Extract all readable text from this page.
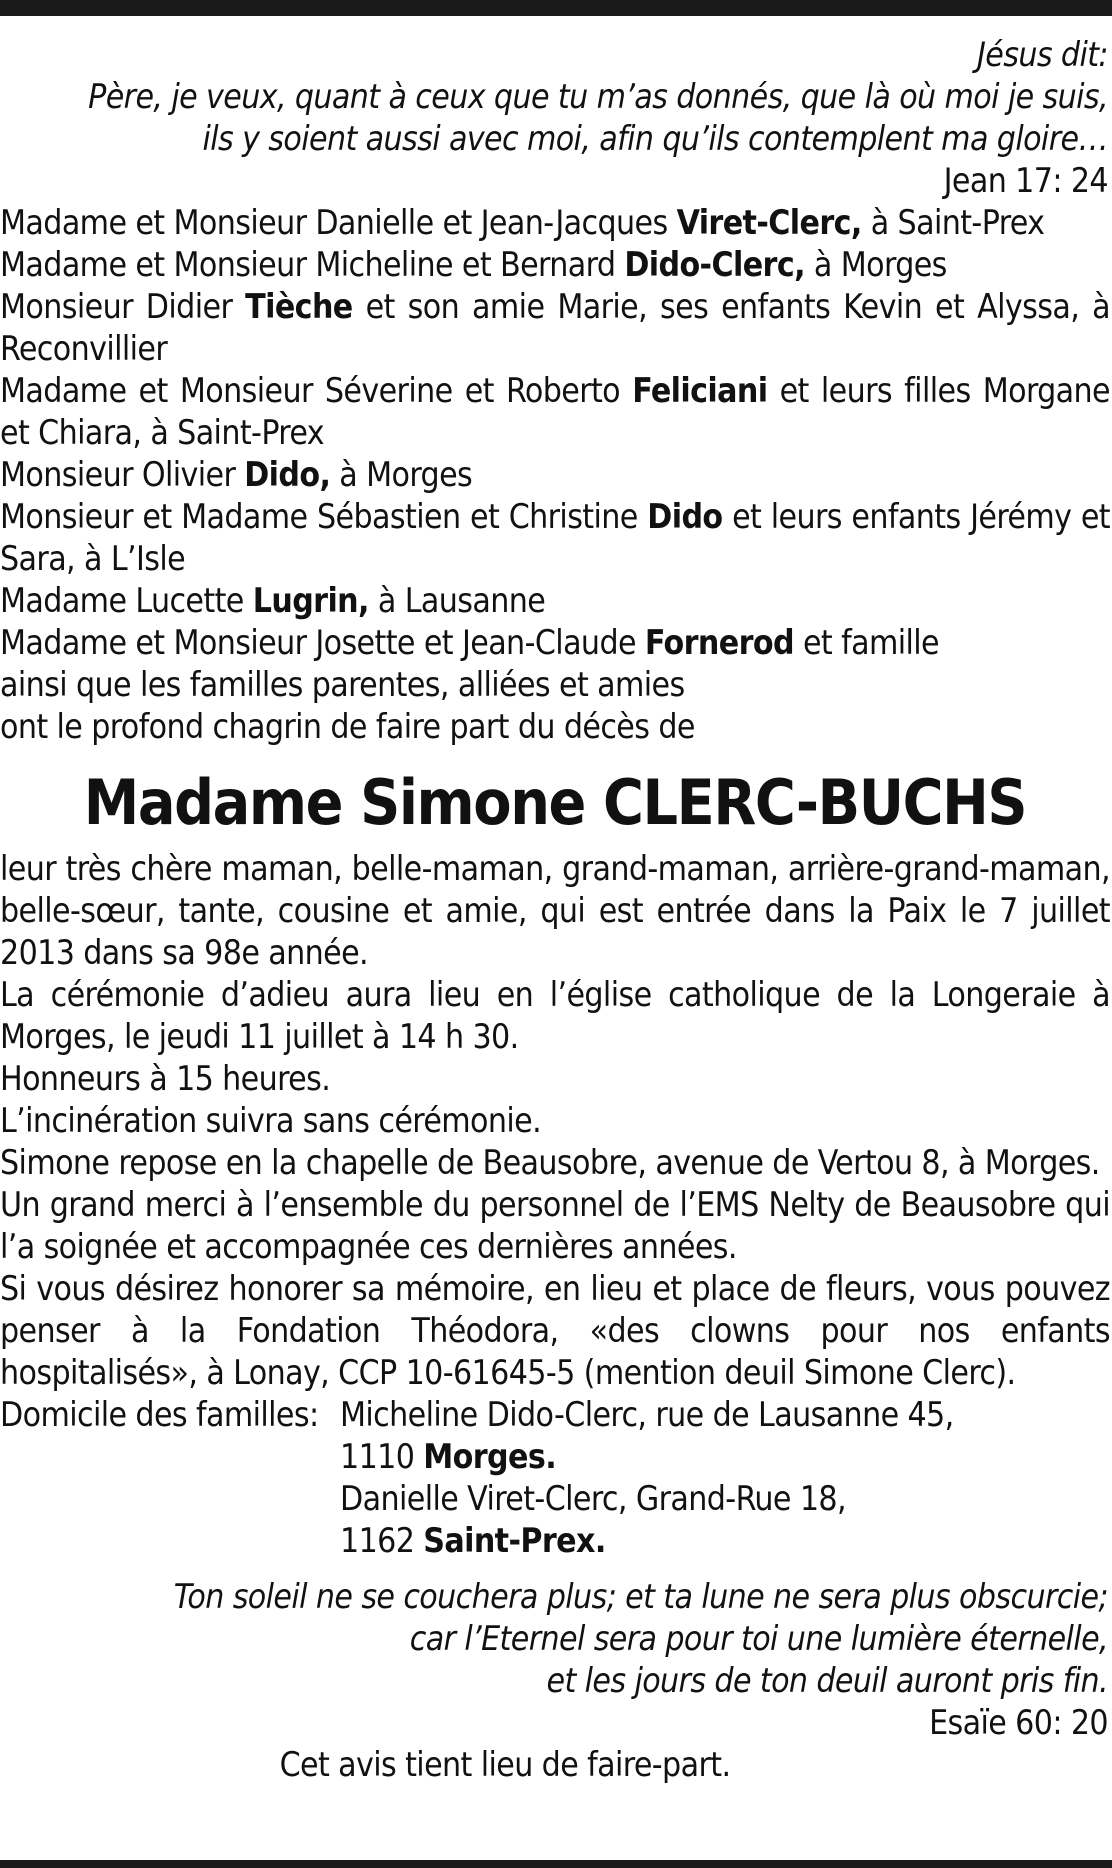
Jésus dit:
Père, je veux, quant à ceux que tu m’as donnés, que là où moi je suis,
ils y soient aussi avec moi, afin qu’ils contemplent ma gloire…
Jean 17: 24

Madame et Monsieur Danielle et Jean-Jacques Viret-Clerc, à Saint-Prex

Madame et Monsieur Micheline et Bernard Dido-Clerc, à Morges

Monsieur Didier Tièche et son amie Marie, ses enfants Kevin et Alyssa, à Reconvillier

Madame et Monsieur Séverine et Roberto Feliciani et leurs filles Morgane et Chiara, à Saint-Prex

Monsieur Olivier Dido, à Morges

Monsieur et Madame Sébastien et Christine Dido et leurs enfants Jérémy et Sara, à L’Isle

Madame Lucette Lugrin, à Lausanne

Madame et Monsieur Josette et Jean-Claude Fornerod et famille

ainsi que les familles parentes, alliées et amies

ont le profond chagrin de faire part du décès de

Madame Simone CLERC-BUCHS

leur très chère maman, belle-maman, grand-maman, arrière-grand-maman, belle-sœur, tante, cousine et amie, qui est entrée dans la Paix le 7 juillet 2013 dans sa 98e année.

La cérémonie d’adieu aura lieu en l’église catholique de la Longeraie à Morges, le jeudi 11 juillet à 14 h 30.

Honneurs à 15 heures.

L’incinération suivra sans cérémonie.

Simone repose en la chapelle de Beausobre, avenue de Vertou 8, à Morges.

Un grand merci à l’ensemble du personnel de l’EMS Nelty de Beausobre qui l’a soignée et accompagnée ces dernières années.

Si vous désirez honorer sa mémoire, en lieu et place de fleurs, vous pouvez penser à la Fondation Théodora, «des clowns pour nos enfants hospitalisés», à Lonay, CCP 10-61645-5 (mention deuil Simone Clerc).

Domicile des familles: Micheline Dido-Clerc, rue de Lausanne 45,
1110 Morges.
Danielle Viret-Clerc, Grand-Rue 18,
1162 Saint-Prex.
Ton soleil ne se couchera plus; et ta lune ne sera plus obscurcie;
car l’Eternel sera pour toi une lumière éternelle,
et les jours de ton deuil auront pris fin.
Esaïe 60: 20
Cet avis tient lieu de faire-part.
